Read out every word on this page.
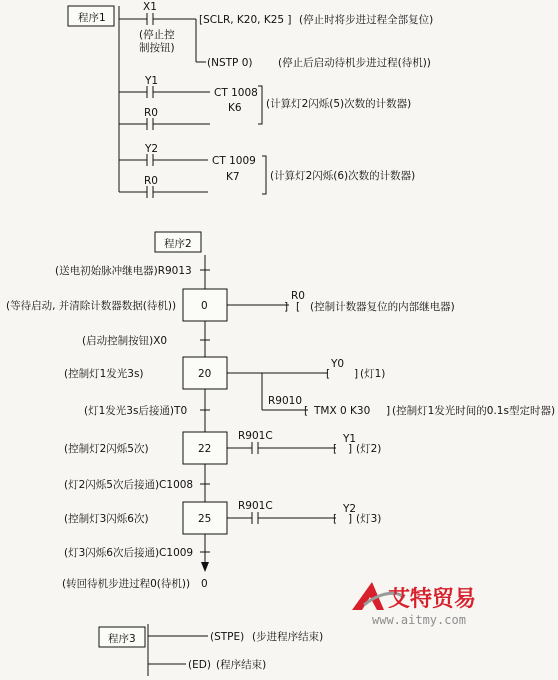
程序1
X1
(停止控
制按钮)
[SCLR, K20, K25 ] (停止时将步进过程全部复位)
(NSTP 0) (停止后启动待机步进过程(待机))
Y1
R0
CT 1008
K6 (计算灯2闪烁(5)次数的计数器)
Y2
R0
CT 1009
K7	(计算灯2闪烁(6)次数的计数器)
程序2
(送电初始脉冲继电器)R9013
0
(等待启动, 并清除计数器数据(待机))
R0
] [ (控制计数器复位的内部继电器)
(启动控制按钮)X0
20
(控制灯1发光3s)
Y0
[ ] (灯1)
R9010
[ TMX 0 K30 ] (控制灯1发光时间的0.1s型定时器)
(灯1发光3s后接通)T0
22
(控制灯2闪烁5次)
R901C	Y1
[ ] (灯2)
(灯2闪烁5次后接通)C1008
25
(控制灯3闪烁6次)
R901C	Y2
[ ] (灯3)
(灯3闪烁6次后接通)C1009
(转回待机步进过程0(待机)) 0
程序3	(STPE) (步进程序结束)
(ED) (程序结束)
艾特贸易
www.aitmy.com
